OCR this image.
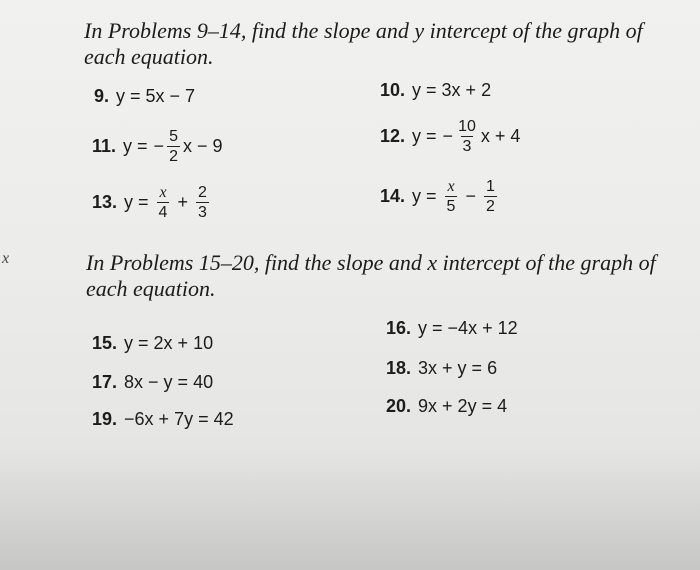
In Problems 9–14, find the slope and y intercept of the graph of each equation.

9. y = 5x − 7	10. y = 3x + 2
11. y = − $\frac{5}{2}$ x − 9	12. y = − $\frac{10}{3}$ x + 4
13. $y = \frac{x}{4} + \frac{2}{3}$	14. $y = \frac{x}{5} - \frac{1}{2}$
x	In Problems 15–20, find the slope and x intercept of the graph of each equation.

15. y = 2x + 10
16. y = −4x + 12
17. 8x − y = 40
18. 3x + y = 6
19. −6x + 7y = 42
20. 9x + 2y = 4
